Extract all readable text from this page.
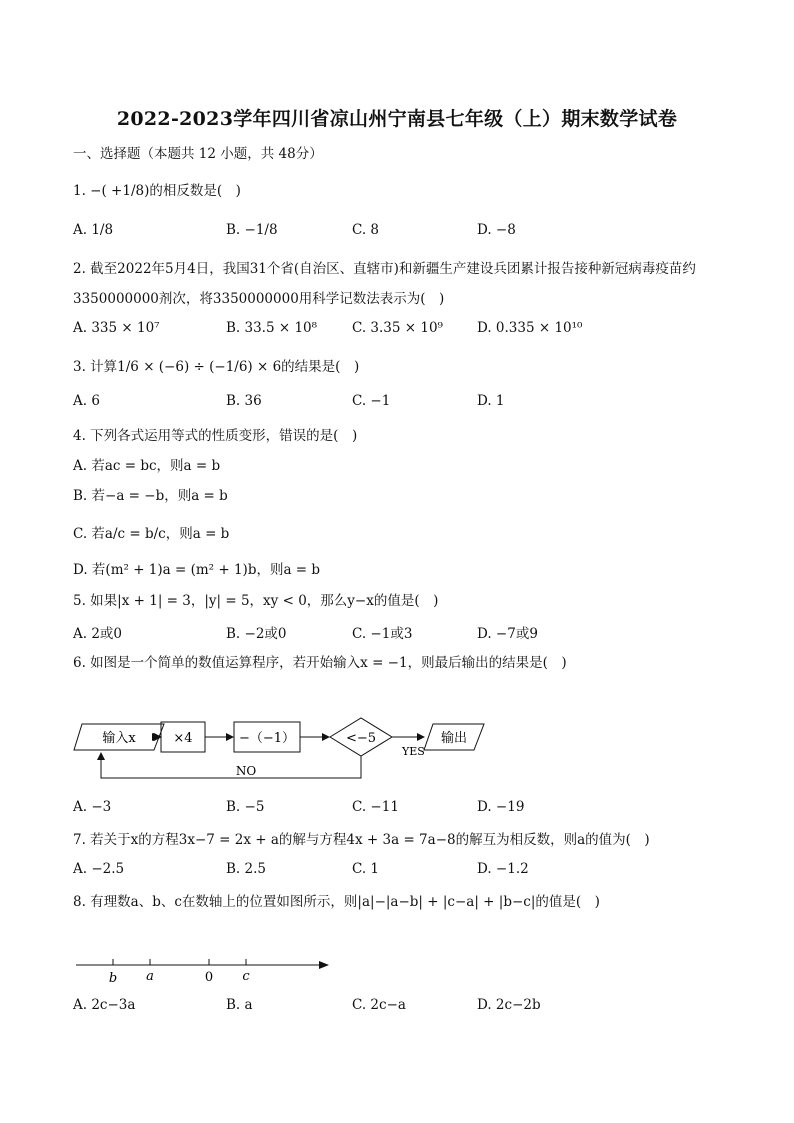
2022-2023学年四川省凉山州宁南县七年级（上）期末数学试卷
一、选择题（本题共 12 小题，共 48分）
1. −( +1/8)的相反数是(　)
A. 1/8	B. −1/8	C. 8	D. −8
2. 截至2022年5月4日，我国31个省(自治区、直辖市)和新疆生产建设兵团累计报告接种新冠病毒疫苗约
3350000000剂次，将3350000000用科学记数法表示为(　)
A. 335 × 10⁷	B. 33.5 × 10⁸	C. 3.35 × 10⁹	D. 0.335 × 10¹⁰
3. 计算1/6 × (−6) ÷ (−1/6) × 6的结果是(　)
A. 6	B. 36	C. −1	D. 1
4. 下列各式运用等式的性质变形，错误的是(　)
A. 若ac = bc，则a = b
B. 若−a = −b，则a = b
C. 若a/c = b/c，则a = b
D. 若(m² + 1)a = (m² + 1)b，则a = b
5. 如果|x + 1| = 3，|y| = 5，xy < 0，那么y−x的值是(　)
A. 2或0	B. −2或0	C. −1或3	D. −7或9
6. 如图是一个简单的数值运算程序，若开始输入x = −1，则最后输出的结果是(　)
输入x	×4	−（−1）	<−5
YES
输出
NO
A. −3	B. −5	C. −11	D. −19
7. 若关于x的方程3x−7 = 2x + a的解与方程4x + 3a = 7a−8的解互为相反数，则a的值为(　)
A. −2.5	B. 2.5	C. 1	D. −1.2
8. 有理数a、b、c在数轴上的位置如图所示，则|a|−|a−b| + |c−a| + |b−c|的值是(　)
b a	0 c
A. 2c−3a	B. a	C. 2c−a	D. 2c−2b
